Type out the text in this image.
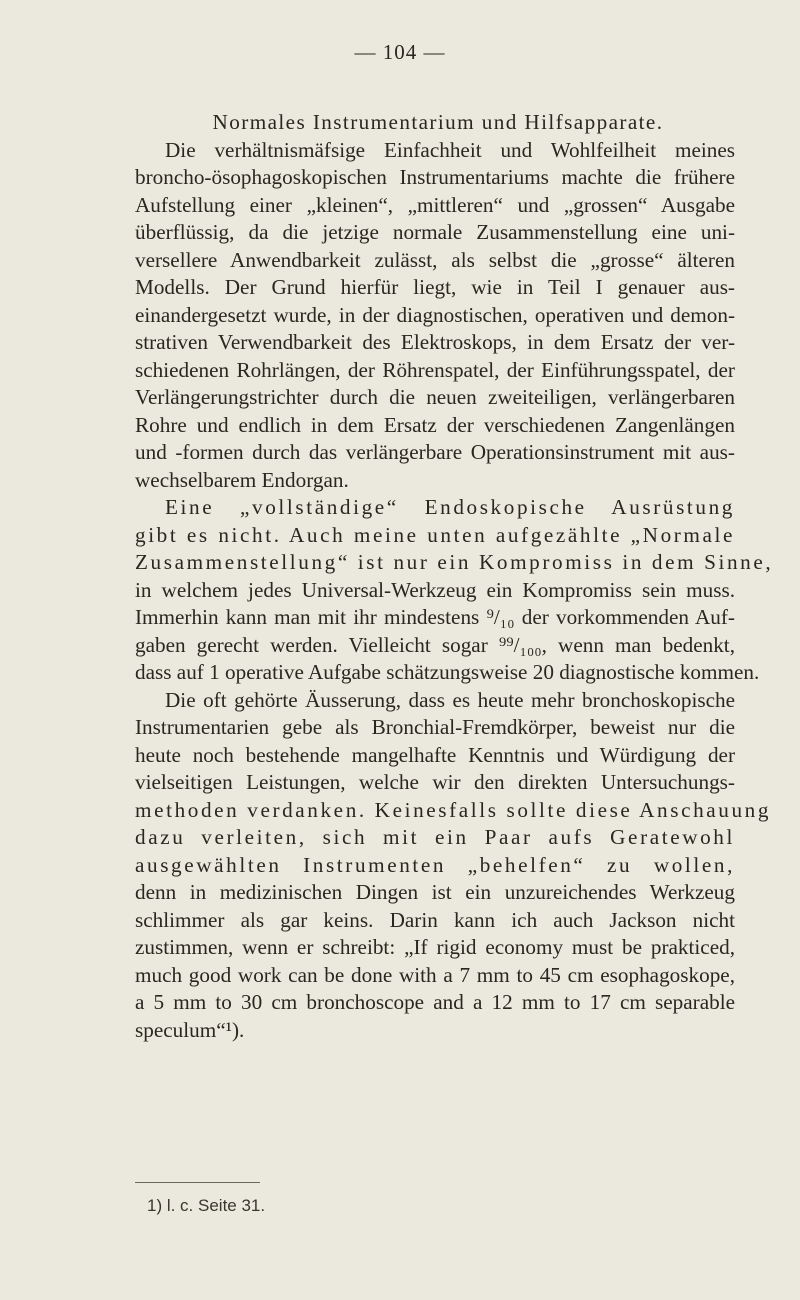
— 104 —
Normales Instrumentarium und Hilfsapparate.
Die verhältnismäfsige Einfachheit und Wohlfeilheit meines
broncho-ösophagoskopischen Instrumentariums machte die frühere
Aufstellung einer „kleinen“, „mittleren“ und „grossen“ Ausgabe
überflüssig, da die jetzige normale Zusammenstellung eine uni-
versellere Anwendbarkeit zulässt, als selbst die „grosse“ älteren
Modells. Der Grund hierfür liegt, wie in Teil I genauer aus-
einandergesetzt wurde, in der diagnostischen, operativen und demon-
strativen Verwendbarkeit des Elektroskops, in dem Ersatz der ver-
schiedenen Rohrlängen, der Röhrenspatel, der Einführungsspatel, der
Verlängerungstrichter durch die neuen zweiteiligen, verlängerbaren
Rohre und endlich in dem Ersatz der verschiedenen Zangenlängen
und -formen durch das verlängerbare Operationsinstrument mit aus-
wechselbarem Endorgan.
Eine „vollständige“ Endoskopische Ausrüstung
gibt es nicht. Auch meine unten aufgezählte „Normale
Zusammenstellung“ ist nur ein Kompromiss in dem Sinne,
in welchem jedes Universal-Werkzeug ein Kompromiss sein muss.
Immerhin kann man mit ihr mindestens ⁹/₁₀ der vorkommenden Auf-
gaben gerecht werden. Vielleicht sogar ⁹⁹/₁₀₀, wenn man bedenkt,
dass auf 1 operative Aufgabe schätzungsweise 20 diagnostische kommen.
Die oft gehörte Äusserung, dass es heute mehr bronchoskopische
Instrumentarien gebe als Bronchial-Fremdkörper, beweist nur die
heute noch bestehende mangelhafte Kenntnis und Würdigung der
vielseitigen Leistungen, welche wir den direkten Untersuchungs-
methoden verdanken. Keinesfalls sollte diese Anschauung
dazu verleiten, sich mit ein Paar aufs Geratewohl
ausgewählten Instrumenten „behelfen“ zu wollen,
denn in medizinischen Dingen ist ein unzureichendes Werkzeug
schlimmer als gar keins. Darin kann ich auch Jackson nicht
zustimmen, wenn er schreibt: „If rigid economy must be prakticed,
much good work can be done with a 7 mm to 45 cm esophagoskope,
a 5 mm to 30 cm bronchoscope and a 12 mm to 17 cm separable
speculum“¹).
1) l. c. Seite 31.
